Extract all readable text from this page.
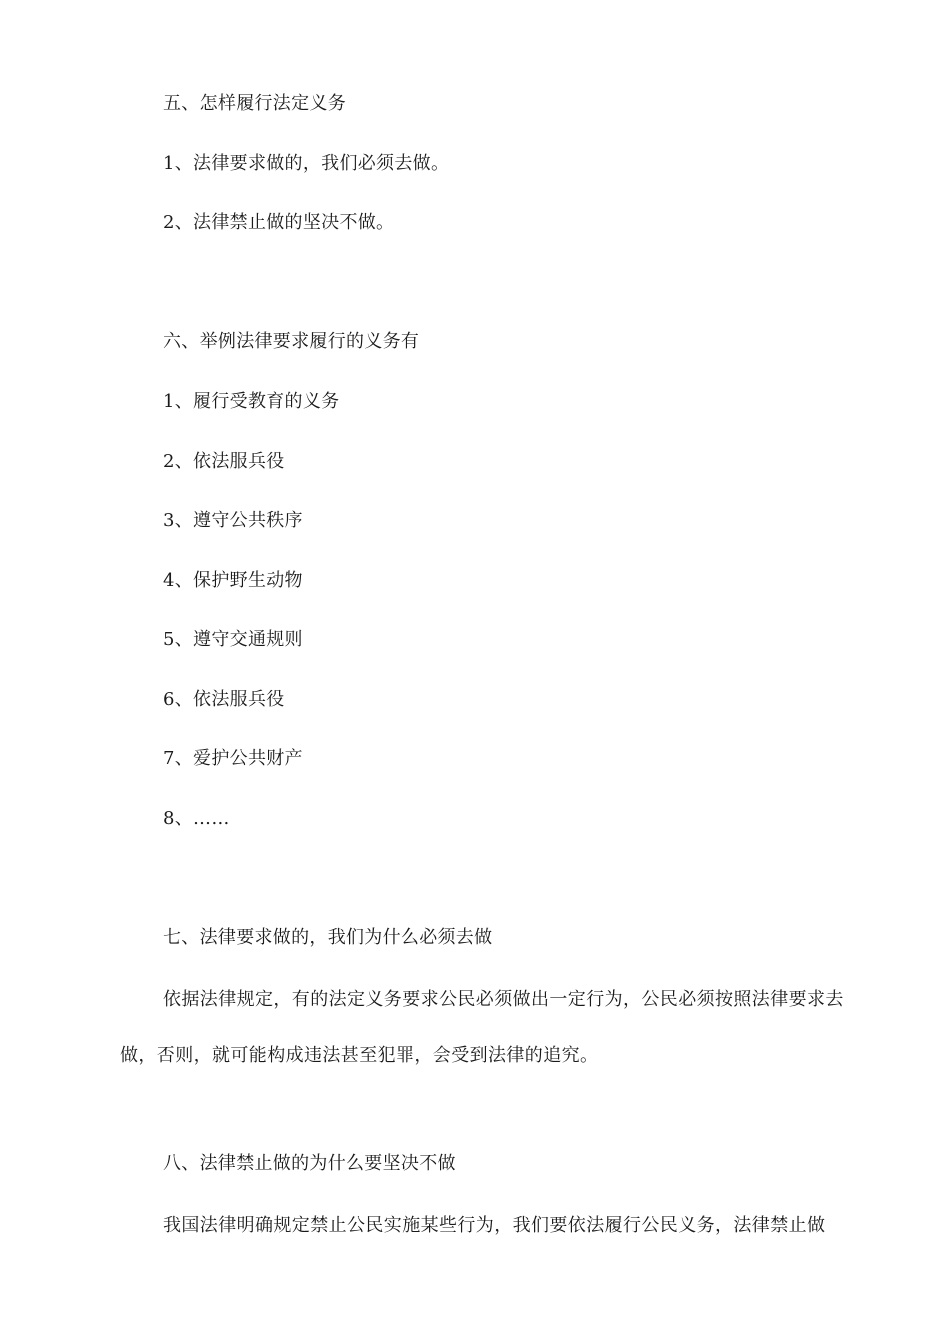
五、怎样履行法定义务
1、法律要求做的，我们必须去做。
2、法律禁止做的坚决不做。
六、举例法律要求履行的义务有
1、履行受教育的义务
2、依法服兵役
3、遵守公共秩序
4、保护野生动物
5、遵守交通规则
6、依法服兵役
7、爱护公共财产
8、……
七、法律要求做的，我们为什么必须去做
依据法律规定，有的法定义务要求公民必须做出一定行为，公民必须按照法律要求去做，否则，就可能构成违法甚至犯罪，会受到法律的追究。
八、法律禁止做的为什么要坚决不做
我国法律明确规定禁止公民实施某些行为，我们要依法履行公民义务，法律禁止做
